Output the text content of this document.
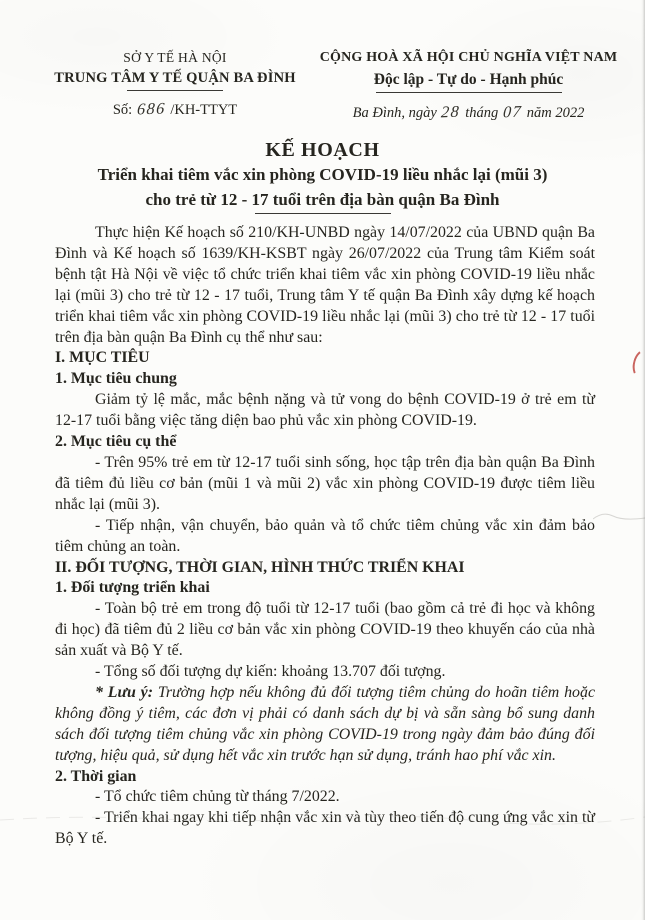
SỞ Y TẾ HÀ NỘI
TRUNG TÂM Y TẾ QUẬN BA ĐÌNH
Số: 686 /KH-TTYT
CỘNG HOÀ XÃ HỘI CHỦ NGHĨA VIỆT NAM
Độc lập - Tự do - Hạnh phúc
Ba Đình, ngày 28 tháng 07 năm 2022
KẾ HOẠCH
Triển khai tiêm vắc xin phòng COVID-19 liều nhắc lại (mũi 3)
cho trẻ từ 12 - 17 tuổi trên địa bàn quận Ba Đình

Thực hiện Kế hoạch số 210/KH-UNBD ngày 14/07/2022 của UBND quận Ba Đình và Kế hoạch số 1639/KH-KSBT ngày 26/07/2022 của Trung tâm Kiểm soát bệnh tật Hà Nội về việc tổ chức triển khai tiêm vắc xin phòng COVID-19 liều nhắc lại (mũi 3) cho trẻ từ 12 - 17 tuổi, Trung tâm Y tế quận Ba Đình xây dựng kế hoạch triển khai tiêm vắc xin phòng COVID-19 liều nhắc lại (mũi 3) cho trẻ từ 12 - 17 tuổi trên địa bàn quận Ba Đình cụ thể như sau:

I. MỤC TIÊU

1. Mục tiêu chung

Giảm tỷ lệ mắc, mắc bệnh nặng và tử vong do bệnh COVID-19 ở trẻ em từ 12-17 tuổi bằng việc tăng diện bao phủ vắc xin phòng COVID-19.

2. Mục tiêu cụ thể

- Trên 95% trẻ em từ 12-17 tuổi sinh sống, học tập trên địa bàn quận Ba Đình đã tiêm đủ liều cơ bản (mũi 1 và mũi 2) vắc xin phòng COVID-19 được tiêm liều nhắc lại (mũi 3).

- Tiếp nhận, vận chuyển, bảo quản và tổ chức tiêm chủng vắc xin đảm bảo tiêm chủng an toàn.

II. ĐỐI TƯỢNG, THỜI GIAN, HÌNH THỨC TRIỂN KHAI

1. Đối tượng triển khai

- Toàn bộ trẻ em trong độ tuổi từ 12-17 tuổi (bao gồm cả trẻ đi học và không đi học) đã tiêm đủ 2 liều cơ bản vắc xin phòng COVID-19 theo khuyến cáo của nhà sản xuất và Bộ Y tế.

- Tổng số đối tượng dự kiến: khoảng 13.707 đối tượng.

* Lưu ý: Trường hợp nếu không đủ đối tượng tiêm chủng do hoãn tiêm hoặc không đồng ý tiêm, các đơn vị phải có danh sách dự bị và sẵn sàng bổ sung danh sách đối tượng tiêm chủng vắc xin phòng COVID-19 trong ngày đảm bảo đúng đối tượng, hiệu quả, sử dụng hết vắc xin trước hạn sử dụng, tránh hao phí vắc xin.

2. Thời gian

- Tổ chức tiêm chủng từ tháng 7/2022.

- Triển khai ngay khi tiếp nhận vắc xin và tùy theo tiến độ cung ứng vắc xin từ Bộ Y tế.
